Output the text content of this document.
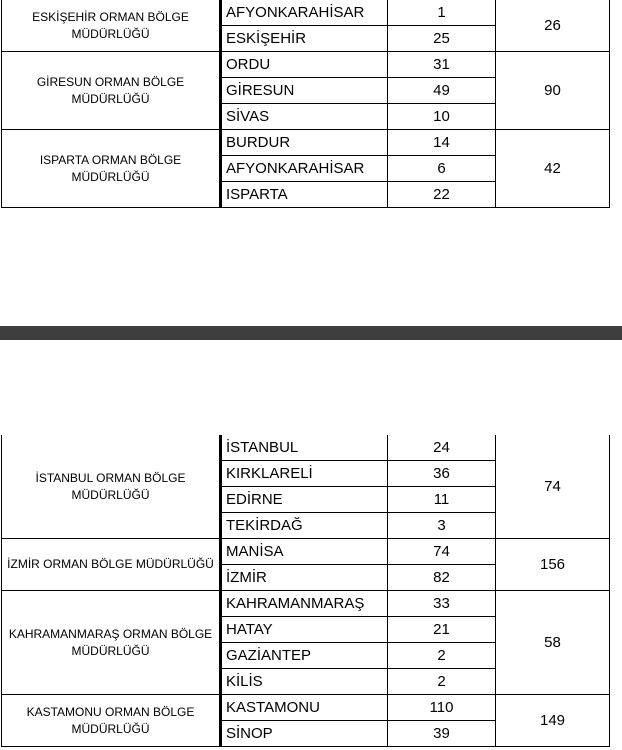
ESKİŞEHİR ORMAN BÖLGE MÜDÜRLÜĞÜ	AFYONKARAHİSAR	1	26
	ESKİŞEHİR	25	
GİRESUN ORMAN BÖLGE MÜDÜRLÜĞÜ	ORDU	31	90
	GİRESUN	49	
	SİVAS	10	
ISPARTA ORMAN BÖLGE MÜDÜRLÜĞÜ	BURDUR	14	42
	AFYONKARAHİSAR	6	
	ISPARTA	22	
İSTANBUL ORMAN BÖLGE MÜDÜRLÜĞÜ	İSTANBUL	24	74
	KIRKLARELİ	36	
	EDİRNE	11	
	TEKİRDAĞ	3	
İZMİR ORMAN BÖLGE MÜDÜRLÜĞÜ	MANİSA	74	156
	İZMİR	82	
KAHRAMANMARAŞ ORMAN BÖLGE MÜDÜRLÜĞÜ	KAHRAMANMARAŞ	33	58
	HATAY	21	
	GAZİANTEP	2	
	KİLİS	2	
KASTAMONU ORMAN BÖLGE MÜDÜRLÜĞÜ	KASTAMONU	110	149
	SİNOP	39	
